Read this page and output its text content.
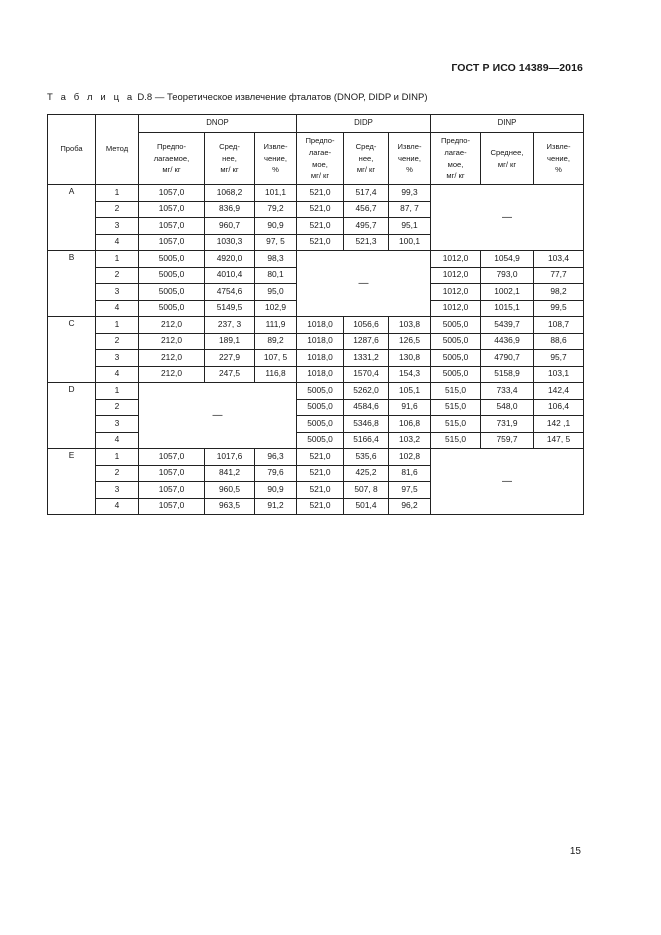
ГОСТ Р ИСО 14389—2016
Т а б л и ц а D.8 — Теоретическое извлечение фталатов (DNOP, DIDP и DINP)
Проба	Метод	DNOP			DIDP			DINP		
		Предпо-
лагаемое,
мг/ кг	Сред-
нее,
мг/ кг	Извле-
чение,
%	Предпо-
лагае-
мое,
мг/ кг	Сред-
нее,
мг/ кг	Извле-
чение,
%	Предпо-
лагае-
мое,
мг/ кг	Среднее,
мг/ кг	Извле-
чение,
%
A	1	1057,0	1068,2	101,1	521,0	517,4	99,3	—		
	2	1057,0	836,9	79,2	521,0	456,7	87, 7			
	3	1057,0	960,7	90,9	521,0	495,7	95,1			
	4	1057,0	1030,3	97, 5	521,0	521,3	100,1			
B	1	5005,0	4920,0	98,3	—			1012,0	1054,9	103,4
	2	5005,0	4010,4	80,1				1012,0	793,0	77,7
	3	5005,0	4754,6	95,0				1012,0	1002,1	98,2
	4	5005,0	5149,5	102,9				1012,0	1015,1	99,5
C	1	212,0	237, 3	111,9	1018,0	1056,6	103,8	5005,0	5439,7	108,7
	2	212,0	189,1	89,2	1018,0	1287,6	126,5	5005,0	4436,9	88,6
	3	212,0	227,9	107, 5	1018,0	1331,2	130,8	5005,0	4790,7	95,7
	4	212,0	247,5	116,8	1018,0	1570,4	154,3	5005,0	5158,9	103,1
D	1	—			5005,0	5262,0	105,1	515,0	733,4	142,4
	2				5005,0	4584,6	91,6	515,0	548,0	106,4
	3				5005,0	5346,8	106,8	515,0	731,9	142 ,1
	4				5005,0	5166,4	103,2	515,0	759,7	147, 5
E	1	1057,0	1017,6	96,3	521,0	535,6	102,8	—		
	2	1057,0	841,2	79,6	521,0	425,2	81,6			
	3	1057,0	960,5	90,9	521,0	507, 8	97,5			
	4	1057,0	963,5	91,2	521,0	501,4	96,2			
15
